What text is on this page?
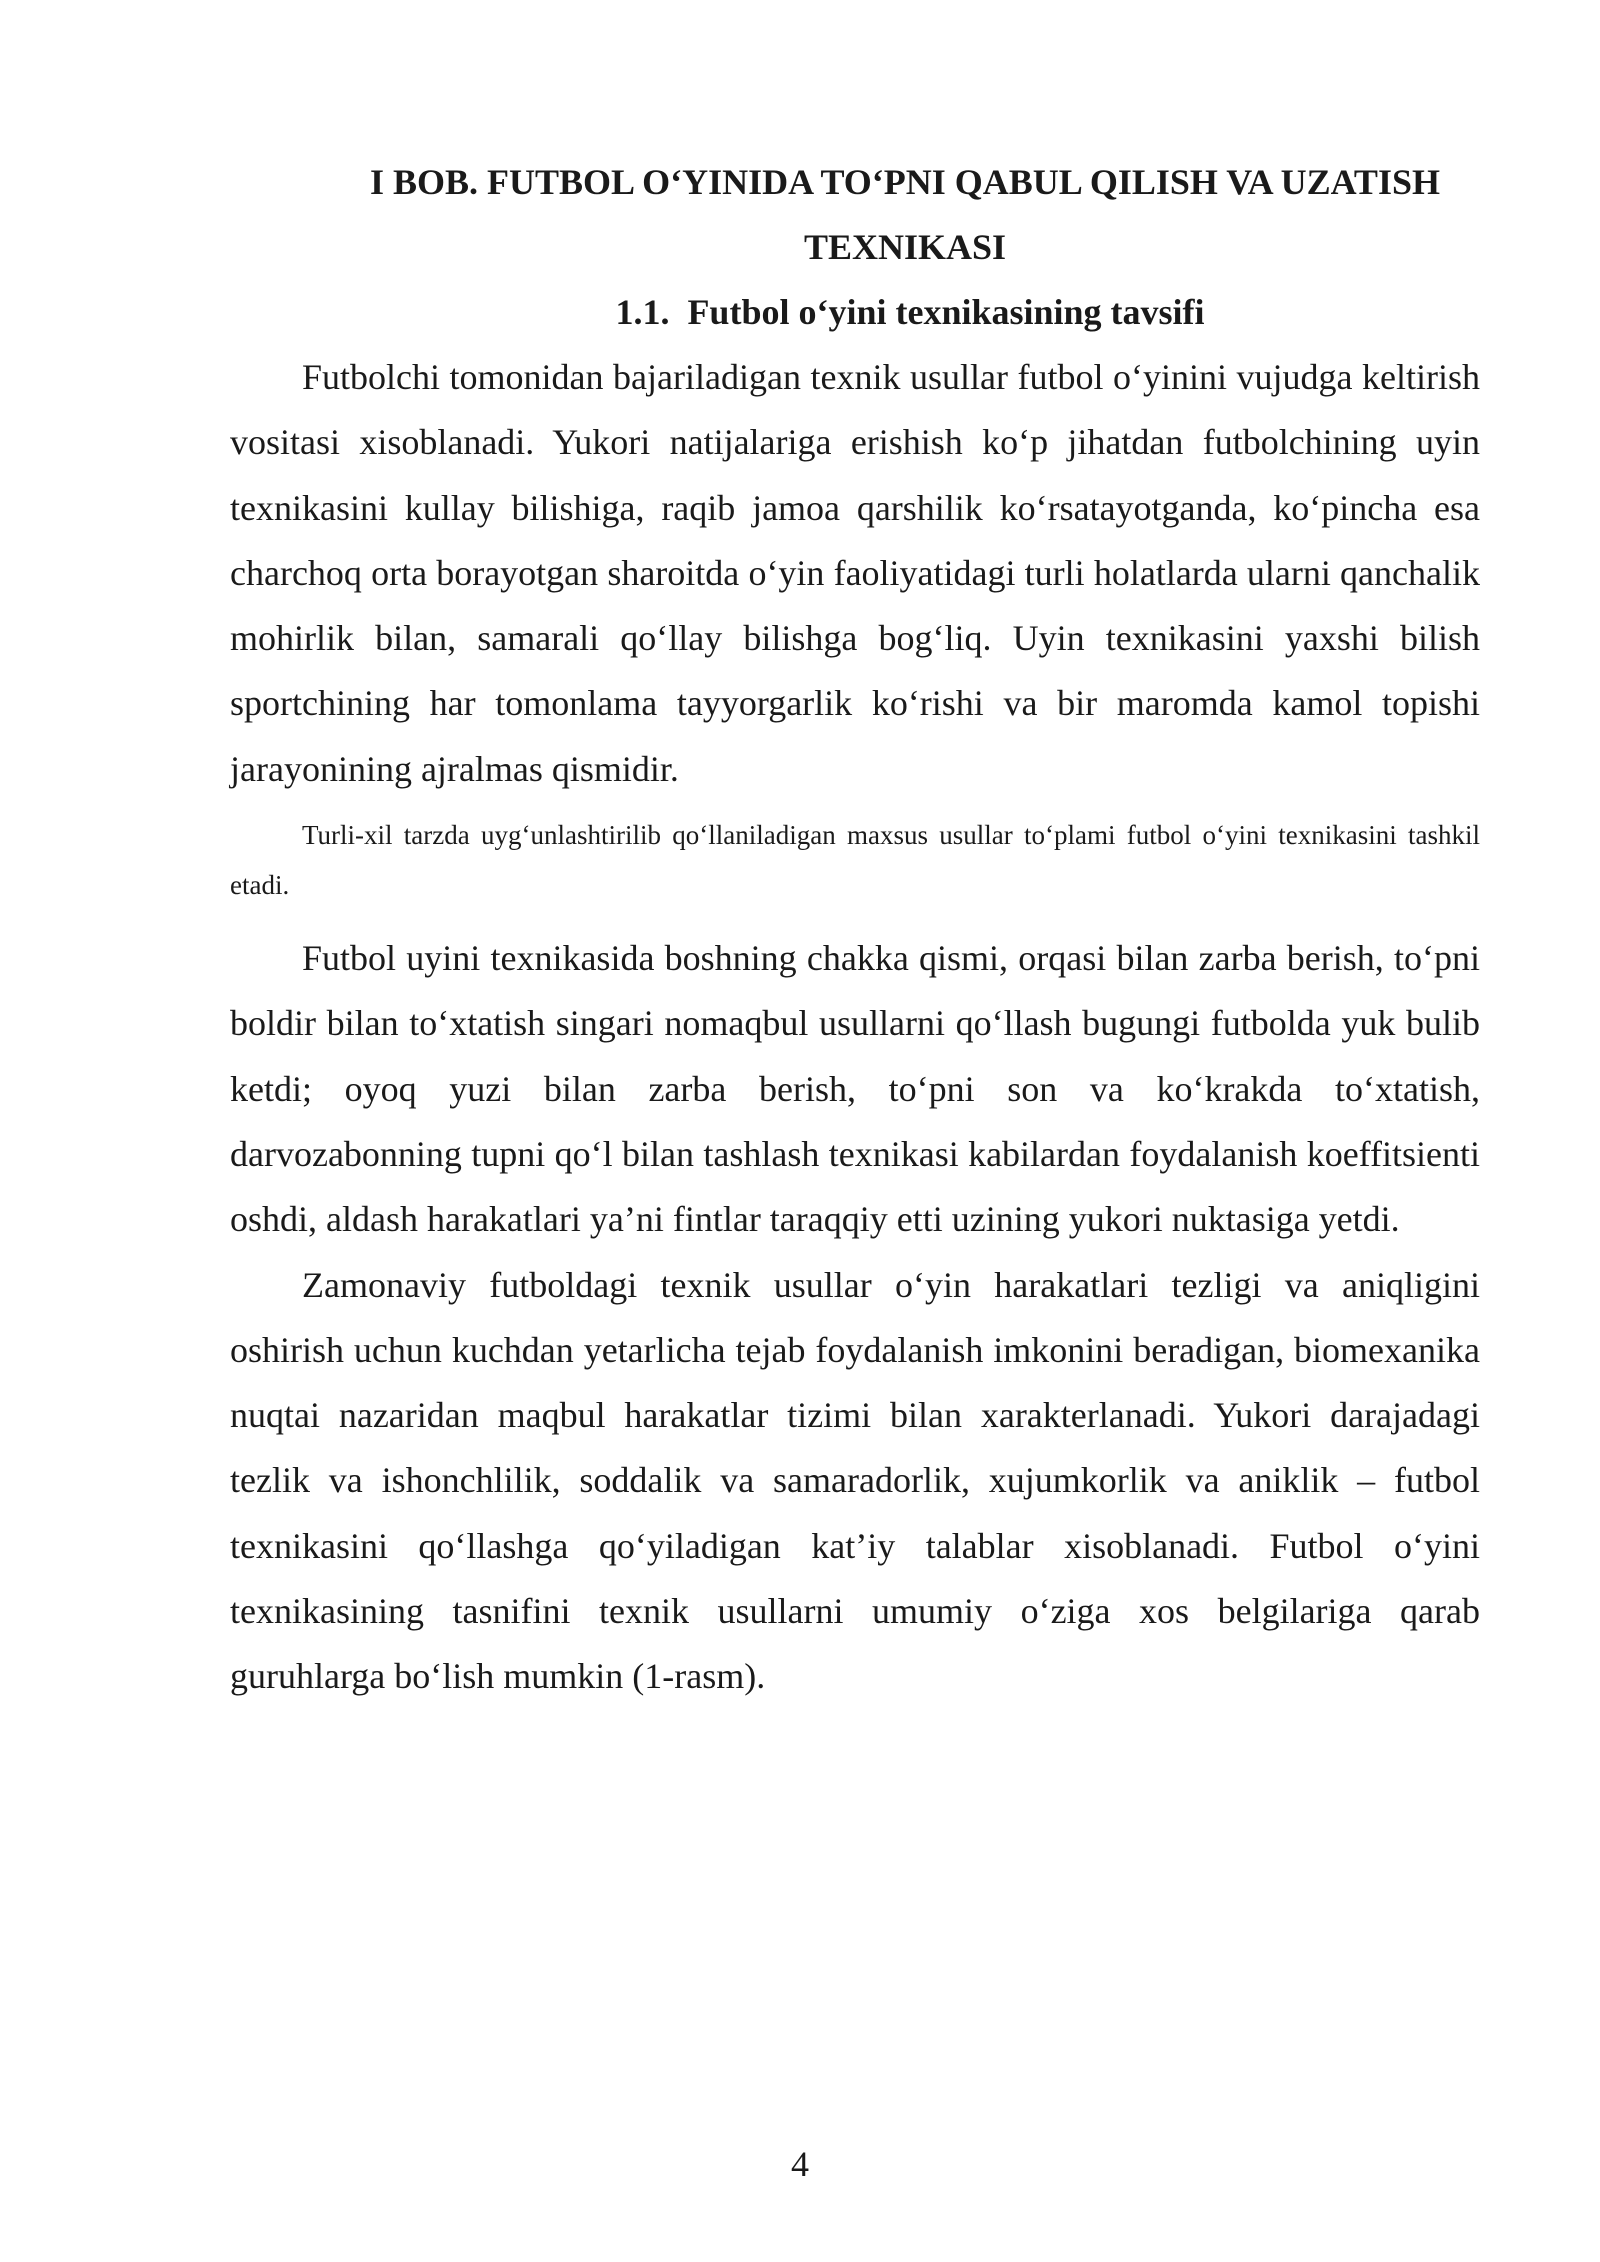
I BOB. FUTBOL O‘YINIDA TO‘PNI QABUL QILISH VA UZATISH
TEXNIKASI
1.1.  Futbol o‘yini texnikasining tavsifi

Futbolchi tomonidan bajariladigan texnik usullar futbol o‘yinini vujudga keltirish vositasi xisoblanadi. Yukori natijalariga erishish ko‘p jihatdan futbolchining uyin texnikasini kullay bilishiga, raqib jamoa qarshilik ko‘rsatayotganda, ko‘pincha esa charchoq orta borayotgan sharoitda o‘yin faoliyatidagi turli holatlarda ularni qanchalik mohirlik bilan, samarali qo‘llay bilishga bog‘liq. Uyin texnikasini yaxshi bilish sportchining har tomonlama tayyorgarlik ko‘rishi va bir maromda kamol topishi jarayonining ajralmas qismidir.

Turli-xil tarzda uyg‘unlashtirilib qo‘llaniladigan maxsus usullar to‘plami futbol o‘yini texnikasini tashkil etadi.

Futbol uyini texnikasida boshning chakka qismi, orqasi bilan zarba berish, to‘pni boldir bilan to‘xtatish singari nomaqbul usullarni qo‘llash bugungi futbolda yuk bulib ketdi; oyoq yuzi bilan zarba berish, to‘pni son va ko‘krakda to‘xtatish, darvozabonning tupni qo‘l bilan tashlash texnikasi kabilardan foydalanish koeffitsienti oshdi, aldash harakatlari ya’ni fintlar taraqqiy etti uzining yukori nuktasiga yetdi.

Zamonaviy futboldagi texnik usullar o‘yin harakatlari tezligi va aniqligini oshirish uchun kuchdan yetarlicha tejab foydalanish imkonini beradigan, biomexanika nuqtai nazaridan maqbul harakatlar tizimi bilan xarakterlanadi. Yukori darajadagi tezlik va ishonchlilik, soddalik va samaradorlik, xujumkorlik va aniklik – futbol texnikasini qo‘llashga qo‘yiladigan kat’iy talablar xisoblanadi. Futbol o‘yini texnikasining tasnifini texnik usullarni umumiy o‘ziga xos belgilariga qarab guruhlarga bo‘lish mumkin (1-rasm).

4
